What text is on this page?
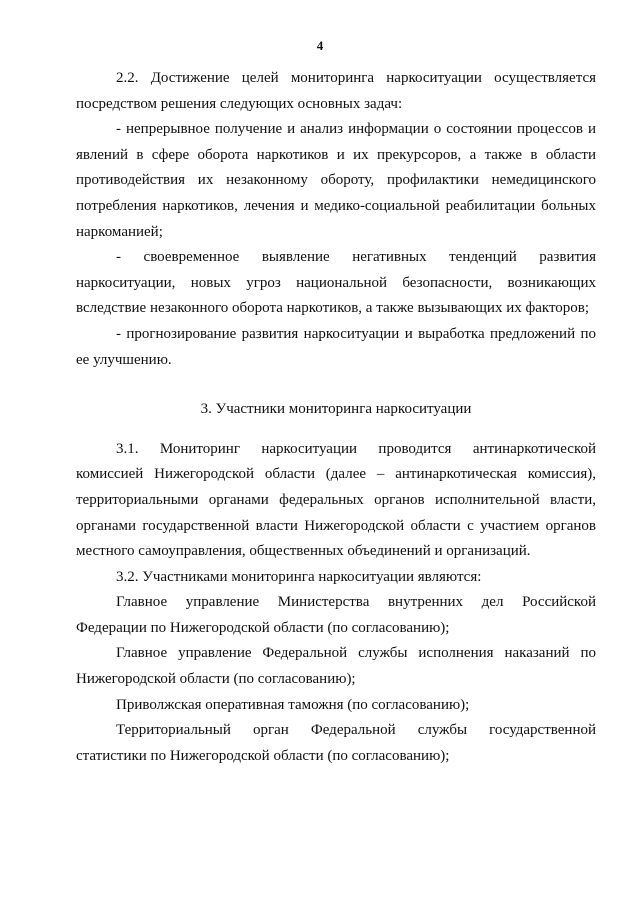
4

2.2. Достижение целей мониторинга наркоситуации осуществляется посредством решения следующих основных задач:

- непрерывное получение и анализ информации о состоянии процессов и явлений в сфере оборота наркотиков и их прекурсоров, а также в области противодействия их незаконному обороту, профилактики немедицинского потребления наркотиков, лечения и медико-социальной реабилитации больных наркоманией;

- своевременное выявление негативных тенденций развития наркоситуации, новых угроз национальной безопасности, возникающих вследствие незаконного оборота наркотиков, а также вызывающих их факторов;

- прогнозирование развития наркоситуации и выработка предложений по ее улучшению.

3. Участники мониторинга наркоситуации

3.1. Мониторинг наркоситуации проводится антинаркотической комиссией Нижегородской области (далее – антинаркотическая комиссия), территориальными органами федеральных органов исполнительной власти, органами государственной власти Нижегородской области с участием органов местного самоуправления, общественных объединений и организаций.

3.2. Участниками мониторинга наркоситуации являются:

Главное управление Министерства внутренних дел Российской Федерации по Нижегородской области (по согласованию);

Главное управление Федеральной службы исполнения наказаний по Нижегородской области (по согласованию);

Приволжская оперативная таможня (по согласованию);

Территориальный орган Федеральной службы государственной статистики по Нижегородской области (по согласованию);
